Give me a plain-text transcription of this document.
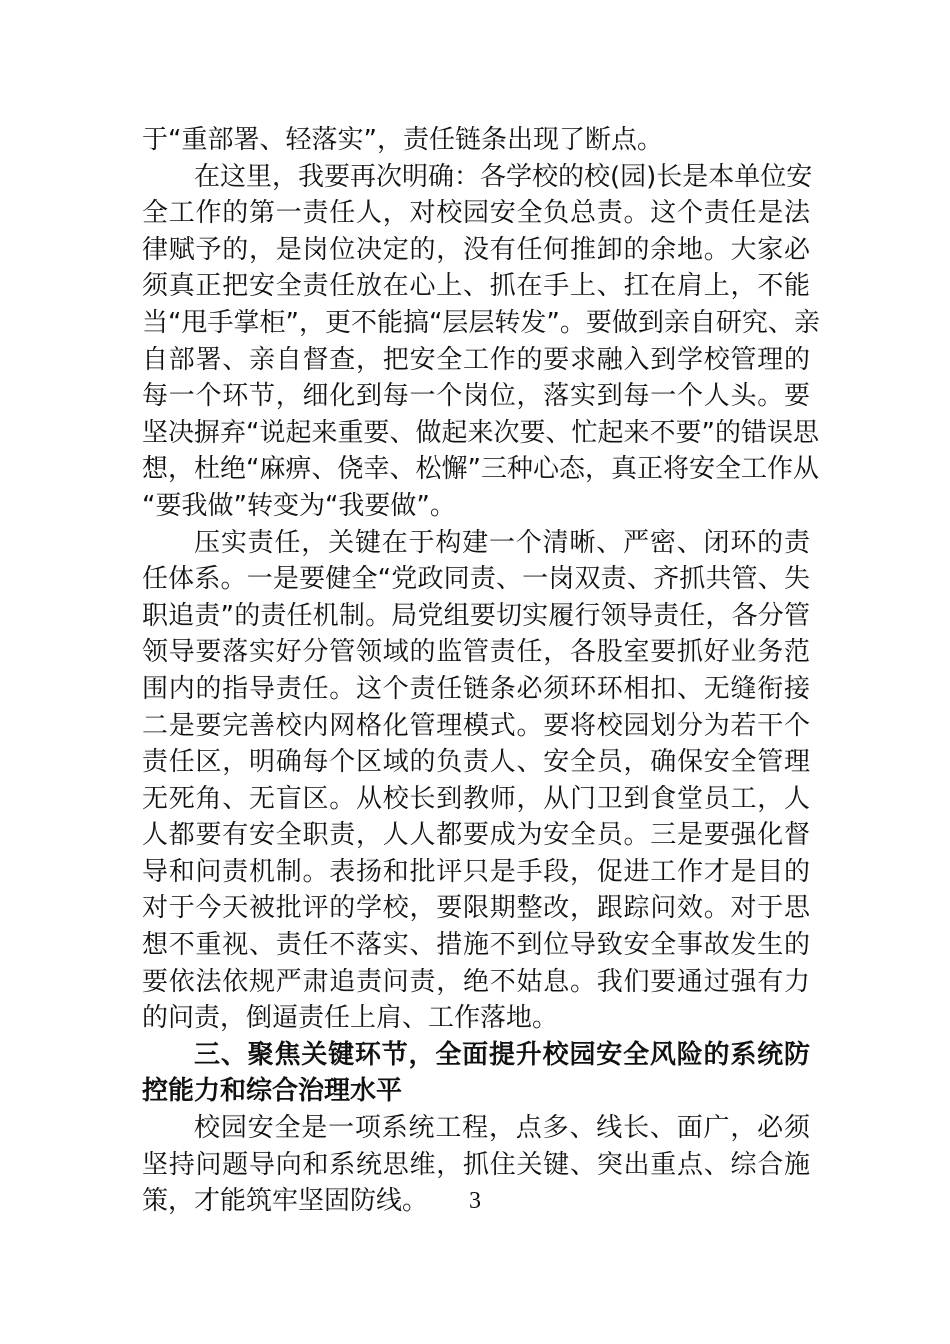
于“重部署、轻落实”，责任链条出现了断点。
在这里，我要再次明确：各学校的校(园)长是本单位安
全工作的第一责任人，对校园安全负总责。这个责任是法
律赋予的，是岗位决定的，没有任何推卸的余地。大家必
须真正把安全责任放在心上、抓在手上、扛在肩上，不能
当“甩手掌柜”，更不能搞“层层转发”。要做到亲自研究、亲
自部署、亲自督查，把安全工作的要求融入到学校管理的
每一个环节，细化到每一个岗位，落实到每一个人头。要
坚决摒弃“说起来重要、做起来次要、忙起来不要”的错误思
想，杜绝“麻痹、侥幸、松懈”三种心态，真正将安全工作从
“要我做”转变为“我要做”。
压实责任，关键在于构建一个清晰、严密、闭环的责
任体系。一是要健全“党政同责、一岗双责、齐抓共管、失
职追责”的责任机制。局党组要切实履行领导责任，各分管
领导要落实好分管领域的监管责任，各股室要抓好业务范
围内的指导责任。这个责任链条必须环环相扣、无缝衔接
二是要完善校内网格化管理模式。要将校园划分为若干个
责任区，明确每个区域的负责人、安全员，确保安全管理
无死角、无盲区。从校长到教师，从门卫到食堂员工，人
人都要有安全职责，人人都要成为安全员。三是要强化督
导和问责机制。表扬和批评只是手段，促进工作才是目的
对于今天被批评的学校，要限期整改，跟踪问效。对于思
想不重视、责任不落实、措施不到位导致安全事故发生的
要依法依规严肃追责问责，绝不姑息。我们要通过强有力
的问责，倒逼责任上肩、工作落地。
三、聚焦关键环节，全面提升校园安全风险的系统防
控能力和综合治理水平
校园安全是一项系统工程，点多、线长、面广，必须
坚持问题导向和系统思维，抓住关键、突出重点、综合施
策，才能筑牢坚固防线。	3
